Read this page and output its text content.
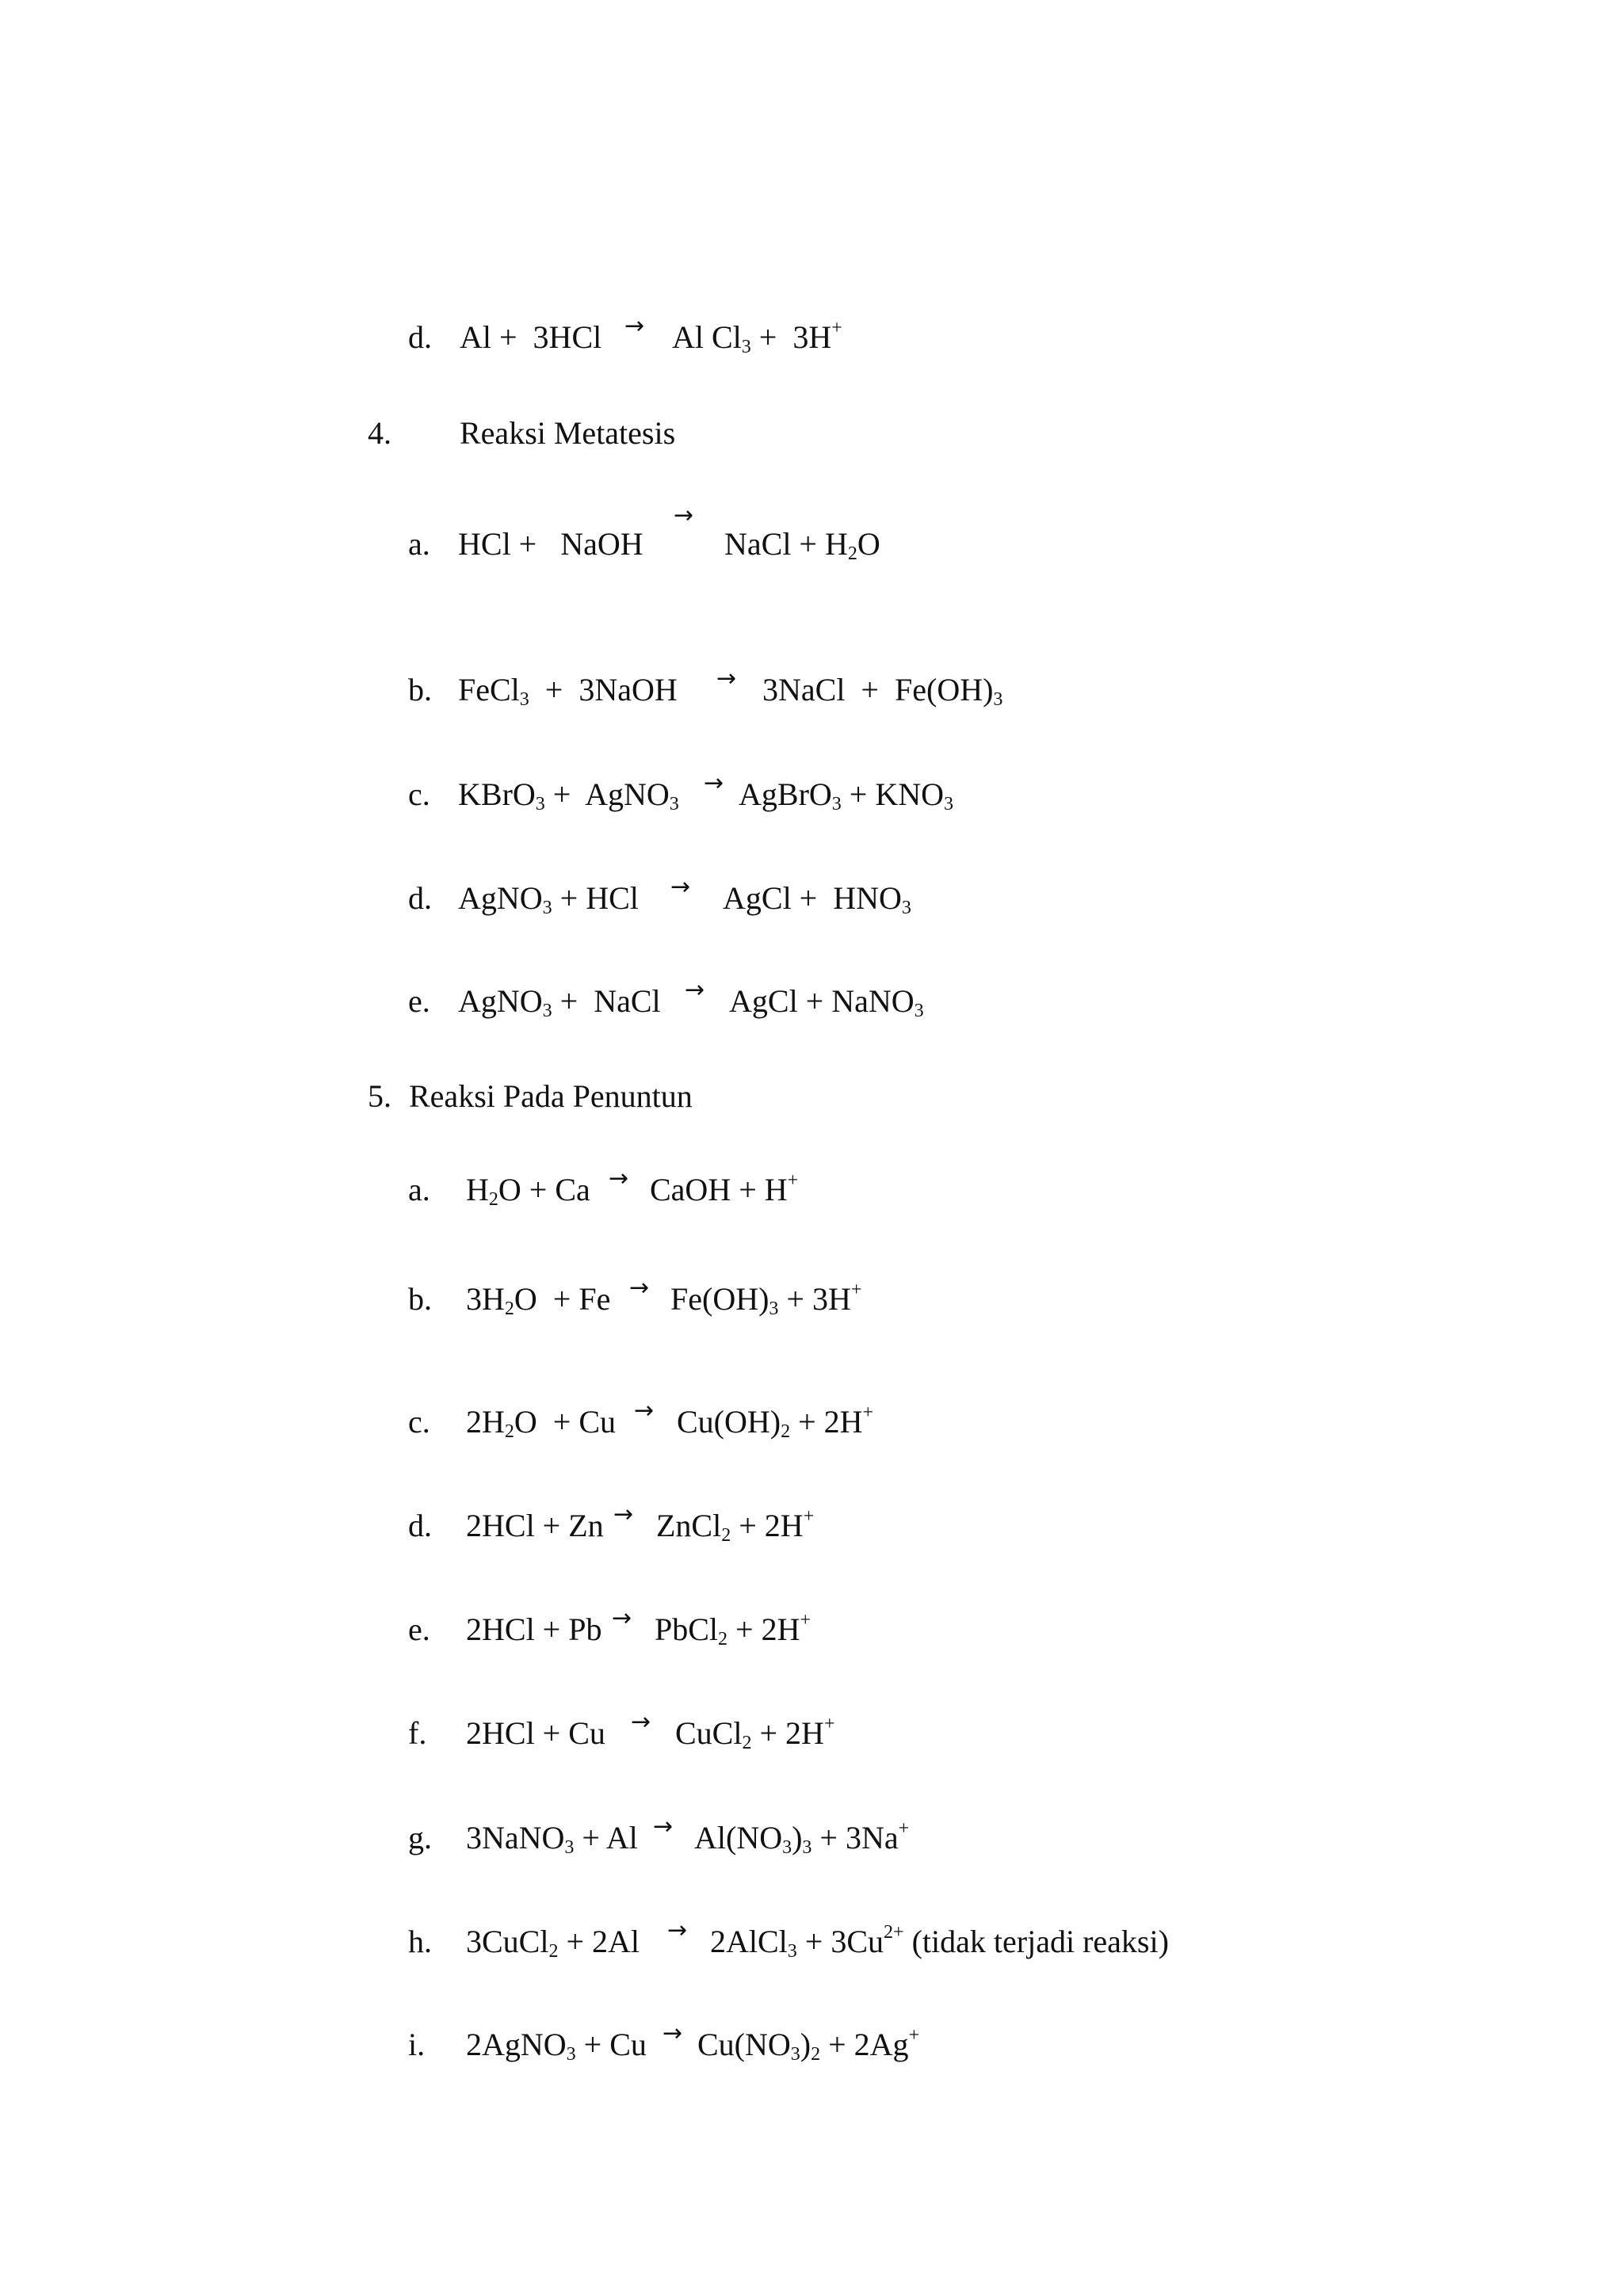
d. Al +  3HCl → Al $Cl_3 + 3H^+$
4. Reaksi Metatesis
a. HCl +   NaOH
→
NaCl + $H_2O$
b. FeCl$_3$  +  3NaOH → 3NaCl  +  $Fe(OH)_3$
c. KBrO$_3$ +  AgNO$_3$
→ AgBrO$_3$ + $KNO_3$
d. AgNO$_3$ + HCl → AgCl +  $HNO_3$
e. AgNO$_3$ +  NaCl → AgCl + NaNO$_3$
5. Reaksi Pada Penuntun
a. $H_2O + Ca$ → CaOH + H+
b. $3H_2O + Fe \to Fe(OH)_3 + 3H^+$
c. $2H_2O + Cu \to Cu(OH)_2 + 2H^+$
d. 2HCl + Zn → ZnCl$_2$ + 2H+
e. 2HCl + Pb → PbCl$_2$ + 2H+
f. 2HCl + Cu → CuCl$_2$ + 2H+
g. 3NaNO$_3$ + $Al \to Al(NO_3)_3 + 3Na^+$
h. 3CuCl$_2$ + 2Al → 2AlCl$_3$ + $3Cu^{2+}$ (tidak terjadi reaksi)
i. 2AgNO$_3$ + $Cu \to Cu(NO_3)_2 + 2Ag^+$
